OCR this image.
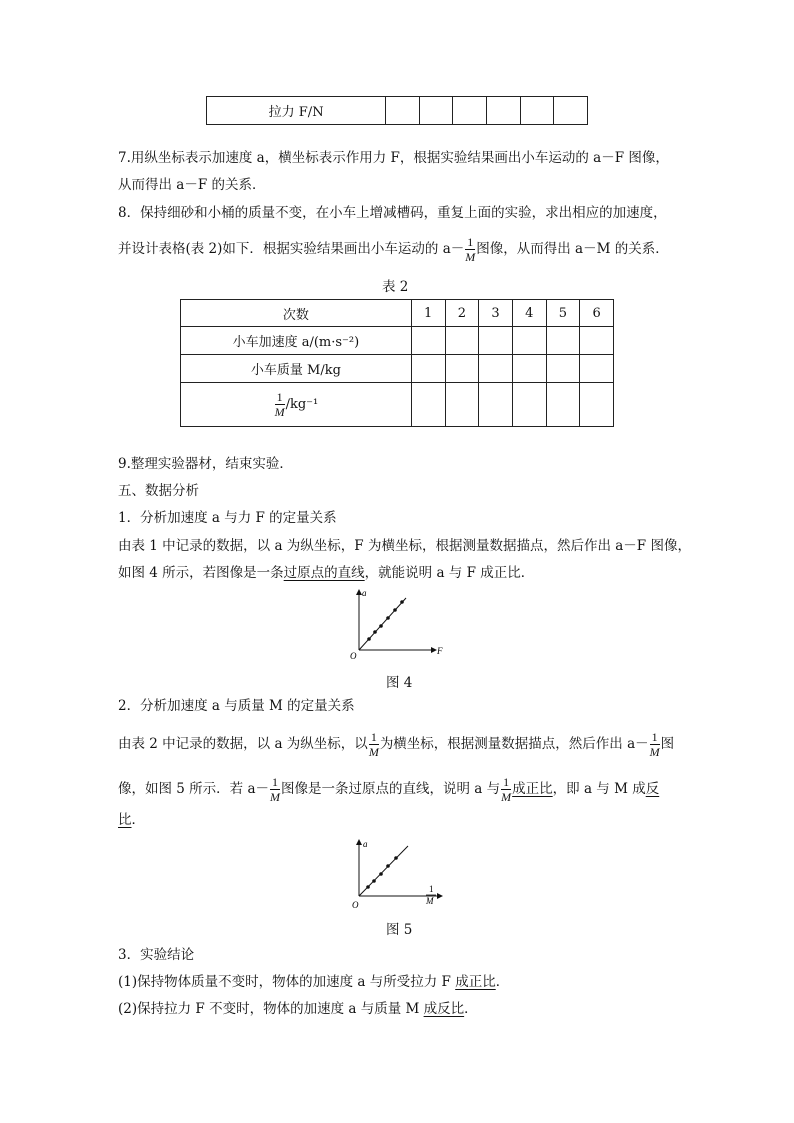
拉力 F/N						
7.用纵坐标表示加速度 a，横坐标表示作用力 F，根据实验结果画出小车运动的 a－F 图像，
从而得出 a－F 的关系．
8．保持细砂和小桶的质量不变，在小车上增减槽码，重复上面的实验，求出相应的加速度，
并设计表格(表 2)如下．根据实验结果画出小车运动的 $a- \frac{1}{M}$ 图像，从而得出 a－M 的关系．
表 2
次数	1	2	3	4	5	6
小车加速度 a/(m·s⁻²)						
小车质量 M/kg						

$\frac{1}{M} /kg^{-1}$						
9.整理实验器材，结束实验．
五、数据分析
1．分析加速度 a 与力 F 的定量关系
由表 1 中记录的数据，以 a 为纵坐标，F 为横坐标，根据测量数据描点，然后作出 a－F 图像，
如图 4 所示，若图像是一条过原点的直线，就能说明 a 与 F 成正比．
a
F
O
图 4
2．分析加速度 a 与质量 M 的定量关系
由表 2 中记录的数据，以 a 为纵坐标，以 $\frac{1}{M}$ 为横坐标，根据测量数据描点，然后作出 $a- \frac{1}{M}$ 图
像，如图 5 所示．若 $a- \frac{1}{M}$ 图像是一条过原点的直线，说明 a 与 $\frac{1}{M}$ 成正比，即 a 与 M 成反
比．
a
1
M
O
图 5
3．实验结论
(1)保持物体质量不变时，物体的加速度 a 与所受拉力 F 成正比．
(2)保持拉力 F 不变时，物体的加速度 a 与质量 M 成反比．
